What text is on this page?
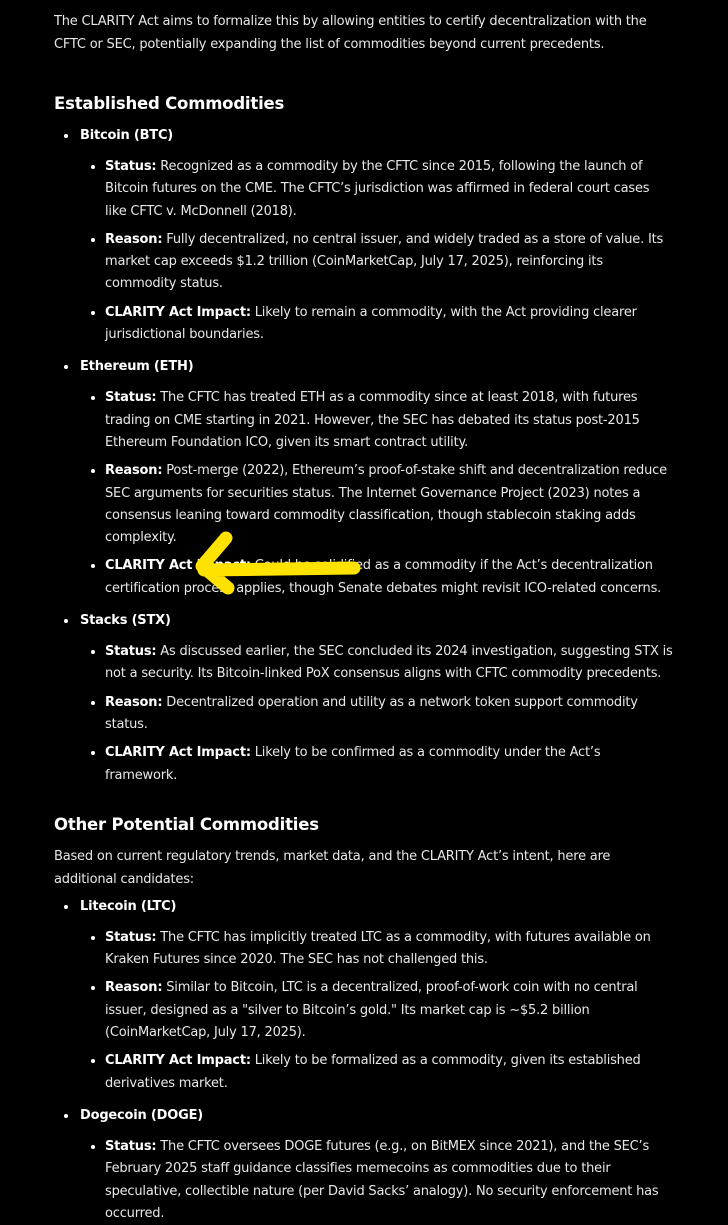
The CLARITY Act aims to formalize this by allowing entities to certify decentralization with the CFTC or SEC, potentially expanding the list of commodities beyond current precedents.

Established Commodities
Bitcoin (BTC)
Status: Recognized as a commodity by the CFTC since 2015, following the launch of Bitcoin futures on the CME. The CFTC’s jurisdiction was affirmed in federal court cases like CFTC v. McDonnell (2018).
Reason: Fully decentralized, no central issuer, and widely traded as a store of value. Its market cap exceeds $1.2 trillion (CoinMarketCap, July 17, 2025), reinforcing its commodity status.
CLARITY Act Impact: Likely to remain a commodity, with the Act providing clearer jurisdictional boundaries.
Ethereum (ETH)
Status: The CFTC has treated ETH as a commodity since at least 2018, with futures trading on CME starting in 2021. However, the SEC has debated its status post-2015 Ethereum Foundation ICO, given its smart contract utility.
Reason: Post-merge (2022), Ethereum’s proof-of-stake shift and decentralization reduce SEC arguments for securities status. The Internet Governance Project (2023) notes a consensus leaning toward commodity classification, though stablecoin staking adds complexity.
CLARITY Act Impact: Could be solidified as a commodity if the Act’s decentralization certification process applies, though Senate debates might revisit ICO-related concerns.
Stacks (STX)
Status: As discussed earlier, the SEC concluded its 2024 investigation, suggesting STX is not a security. Its Bitcoin-linked PoX consensus aligns with CFTC commodity precedents.
Reason: Decentralized operation and utility as a network token support commodity status.
CLARITY Act Impact: Likely to be confirmed as a commodity under the Act’s framework.
Other Potential Commodities

Based on current regulatory trends, market data, and the CLARITY Act’s intent, here are additional candidates:

Litecoin (LTC)
Status: The CFTC has implicitly treated LTC as a commodity, with futures available on Kraken Futures since 2020. The SEC has not challenged this.
Reason: Similar to Bitcoin, LTC is a decentralized, proof-of-work coin with no central issuer, designed as a "silver to Bitcoin’s gold." Its market cap is ~$5.2 billion (CoinMarketCap, July 17, 2025).
CLARITY Act Impact: Likely to be formalized as a commodity, given its established derivatives market.
Dogecoin (DOGE)
Status: The CFTC oversees DOGE futures (e.g., on BitMEX since 2021), and the SEC’s February 2025 staff guidance classifies memecoins as commodities due to their speculative, collectible nature (per David Sacks’ analogy). No security enforcement has occurred.
